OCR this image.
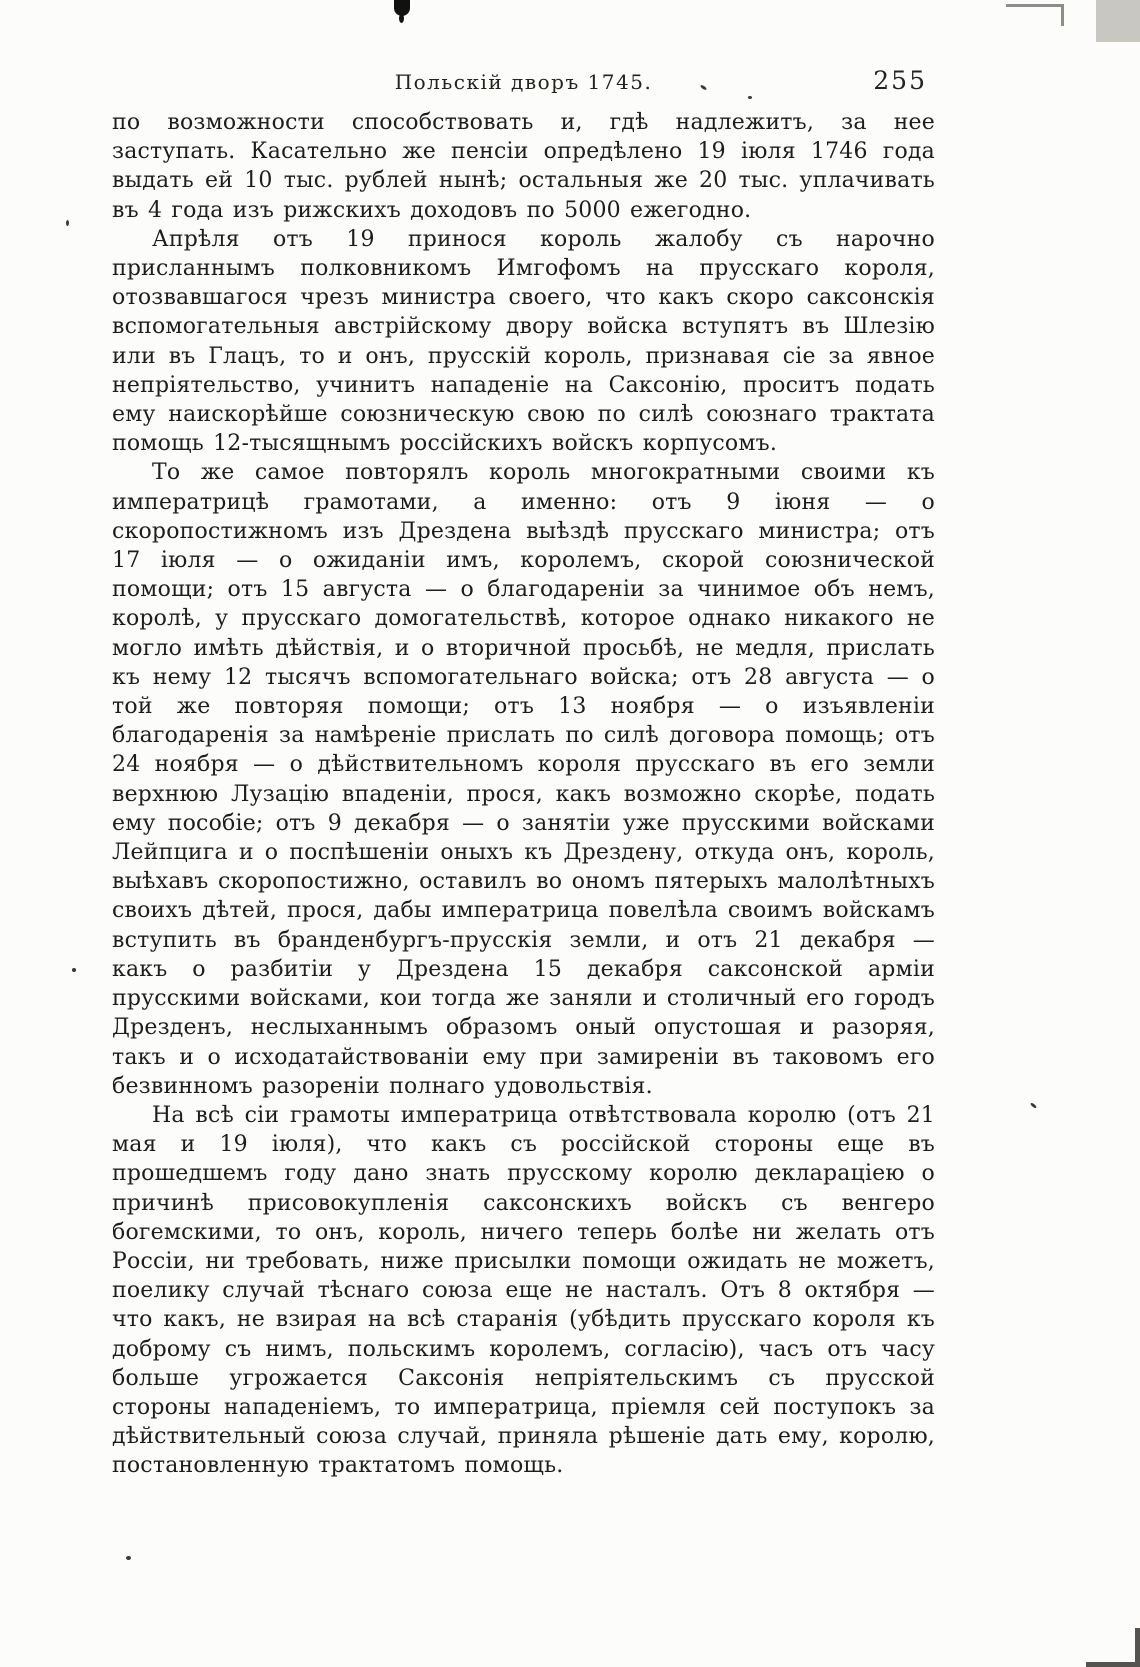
Польскій дворъ 1745.	255

по возможности способствовать и, гдѣ надлежитъ, за нее заступать. Касательно же пенсіи опредѣлено 19 іюля 1746 года выдать ей 10 тыс. рублей нынѣ; остальныя же 20 тыс. уплачивать въ 4 года изъ рижскихъ доходовъ по 5000 ежегодно.

Апрѣля отъ 19 принося король жалобу съ нарочно присланнымъ полковникомъ Имгофомъ на прусскаго короля, отозвавшагося чрезъ министра своего, что какъ скоро саксонскія вспомогательныя австрійскому двору войска вступятъ въ Шлезію или въ Глацъ, то и онъ, прусскій король, признавая сіе за явное непріятельство, учинитъ нападеніе на Саксонію, проситъ подать ему наискорѣйше союзническую свою по силѣ союзнаго трактата помощь 12-тысящнымъ россійскихъ войскъ корпусомъ.

То же самое повторялъ король многократными своими къ императрицѣ грамотами, а именно: отъ 9 іюня — о скоропостижномъ изъ Дрездена выѣздѣ прусскаго министра; отъ 17 іюля — о ожиданіи имъ, королемъ, скорой союзнической помощи; отъ 15 августа — о благодареніи за чинимое объ немъ, королѣ, у прусскаго домогательствѣ, которое однако никакого не могло имѣть дѣйствія, и о вторичной просьбѣ, не медля, прислать къ нему 12 тысячъ вспомогательнаго войска; отъ 28 августа — о той же повторяя помощи; отъ 13 ноября — о изъявленіи благодаренія за намѣреніе прислать по силѣ договора помощь; отъ 24 ноября — о дѣйствительномъ короля прусскаго въ его земли верхнюю Лузацію впаденіи, прося, какъ возможно скорѣе, подать ему пособіе; отъ 9 декабря — о занятіи уже прусскими войсками Лейпцига и о поспѣшеніи оныхъ къ Дрездену, откуда онъ, король, выѣхавъ скоропостижно, оставилъ во ономъ пятерыхъ малолѣтныхъ своихъ дѣтей, прося, дабы императрица повелѣла своимъ войскамъ вступить въ бранденбургъ-прусскія земли, и отъ 21 декабря — какъ о разбитіи у Дрездена 15 декабря саксонской арміи прусскими войсками, кои тогда же заняли и столичный его городъ Дрезденъ, неслыханнымъ образомъ оный опустошая и разоряя, такъ и о исходатайствованіи ему при замиреніи въ таковомъ его безвинномъ разореніи полнаго удовольствія.

На всѣ сіи грамоты императрица отвѣтствовала королю (отъ 21 мая и 19 іюля), что какъ съ россійской стороны еще въ прошедшемъ году дано знать прусскому королю деклараціею о причинѣ присовокупленія саксонскихъ войскъ съ венгеро богемскими, то онъ, король, ничего теперь болѣе ни желать отъ Россіи, ни требовать, ниже присылки помощи ожидать не можетъ, поелику случай тѣснаго союза еще не насталъ. Отъ 8 октября — что какъ, не взирая на всѣ старанія (убѣдить прусскаго короля къ доброму съ нимъ, польскимъ королемъ, согласію), часъ отъ часу больше угрожается Саксонія непріятельскимъ съ прусской стороны нападеніемъ, то императрица, пріемля сей поступокъ за дѣйствительный союза случай, приняла рѣшеніе дать ему, королю, постановленную трактатомъ помощь.
